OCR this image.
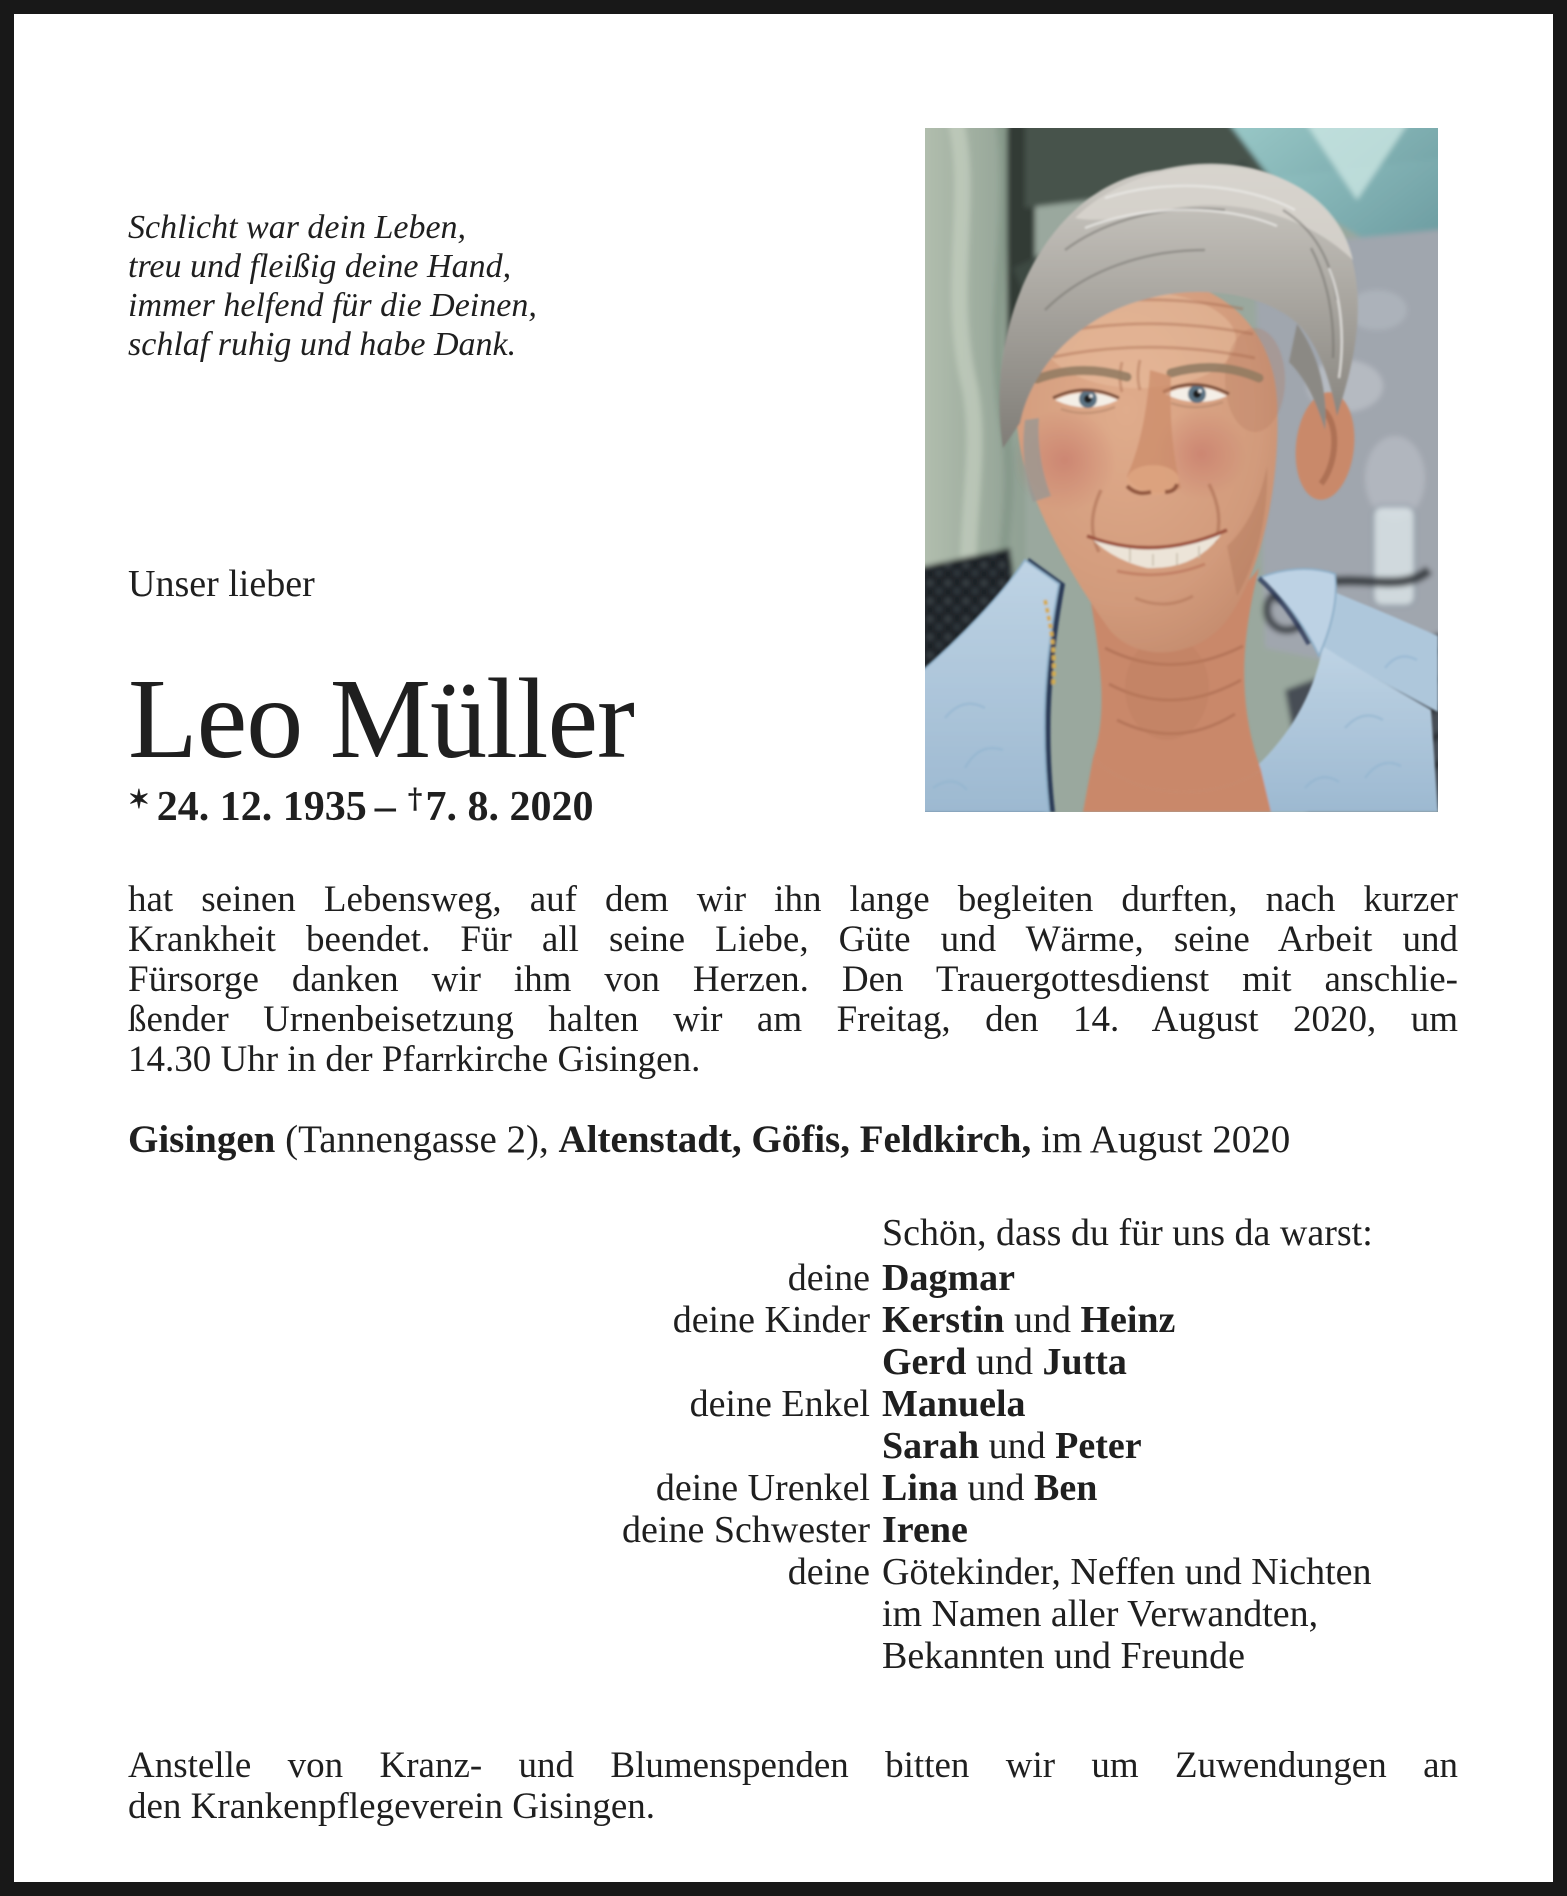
Schlicht war dein Leben,
treu und fleißig deine Hand,
immer helfend für die Deinen,
schlaf ruhig und habe Dank.
Unser lieber
Leo Müller
✶ 24. 12. 1935 – †7. 8. 2020
hat seinen Lebensweg, auf dem wir ihn lange begleiten durften, nach kurzer
Krankheit beendet. Für all seine Liebe, Güte und Wärme, seine Arbeit und
Fürsorge danken wir ihm von Herzen. Den Trauergottesdienst mit anschlie-
ßender Urnenbeisetzung halten wir am Freitag, den 14. August 2020, um
14.30 Uhr in der Pfarrkirche Gisingen.
Gisingen (Tannengasse 2), Altenstadt, Göfis, Feldkirch, im August 2020
Schön, dass du für uns da warst:
deine Dagmar
deine Kinder Kerstin und Heinz
Gerd und Jutta
deine Enkel Manuela
Sarah und Peter
deine Urenkel Lina und Ben
deine Schwester Irene
deine Götekinder, Neffen und Nichten
im Namen aller Verwandten,
Bekannten und Freunde
Anstelle von Kranz- und Blumenspenden bitten wir um Zuwendungen an
den Krankenpflegeverein Gisingen.
